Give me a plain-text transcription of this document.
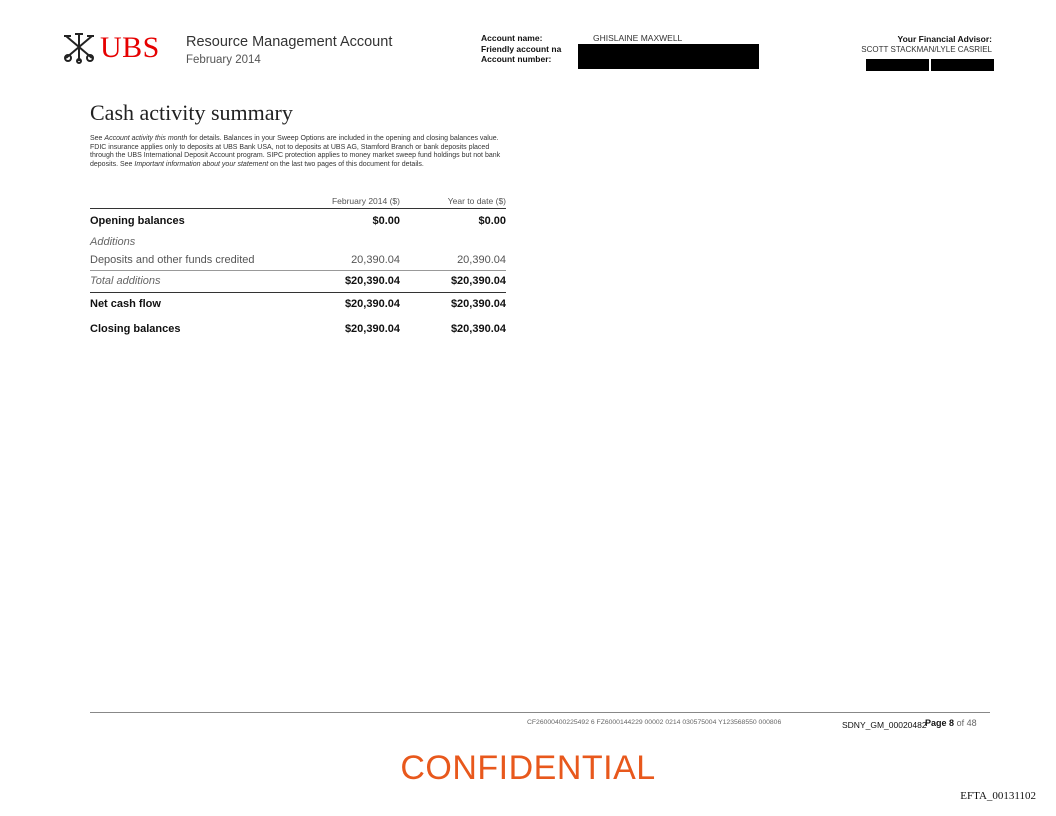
UBS Resource Management Account
February 2014
Account name:
Friendly account na
Account number:
GHISLAINE MAXWELL	Your Financial Advisor:
SCOTT STACKMAN/LYLE CASRIEL
Cash activity summary
See Account activity this month for details. Balances in your Sweep Options are included in the opening and closing balances value. FDIC insurance applies only to deposits at UBS Bank USA, not to deposits at UBS AG, Stamford Branch or bank deposits placed through the UBS International Deposit Account program. SIPC protection applies to money market sweep fund holdings but not bank deposits. See Important information about your statement on the last two pages of this document for details.
February 2014 ($)	Year to date ($)
Opening balances	$0.00	$0.00
Additions
Deposits and other funds credited	20,390.04	20,390.04
Total additions	$20,390.04	$20,390.04
Net cash flow	$20,390.04	$20,390.04
Closing balances	$20,390.04	$20,390.04
CF26000400225492 6 FZ6000144229 00002 0214 030575004 Y123568550 000806	SDNY_GM_00020482
Page 8 of 48
CONFIDENTIAL
EFTA_00131102
